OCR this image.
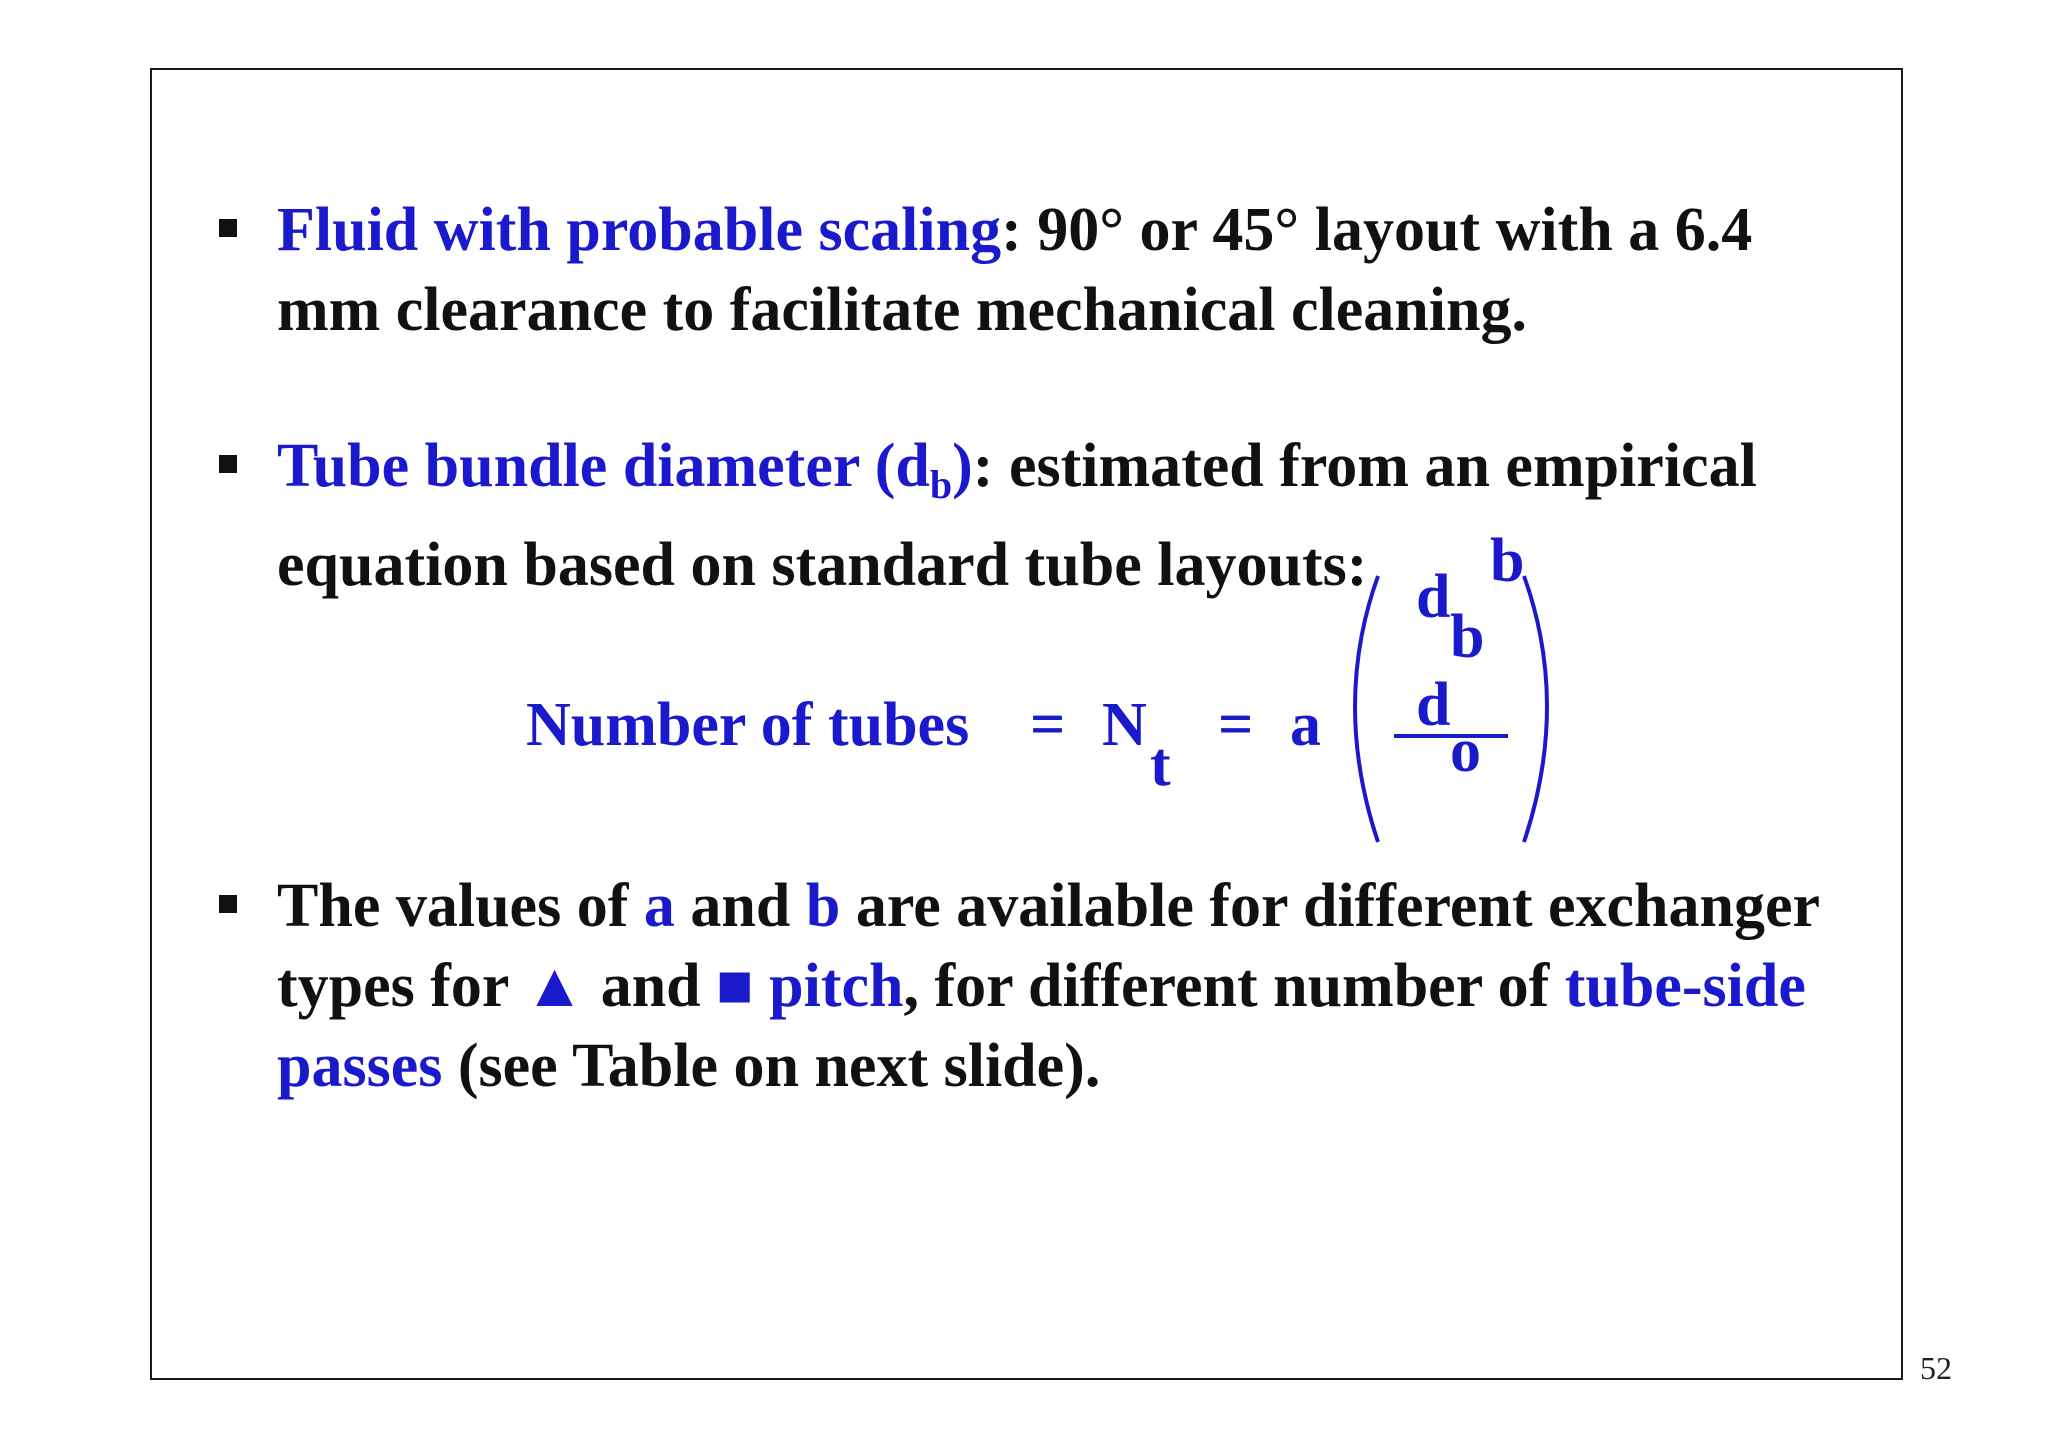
Fluid with probable scaling: 90° or 45° layout with a 6.4 mm clearance to facilitate mechanical cleaning.
Tube bundle diameter $(d_b)$: estimated from an empirical equation based on standard tube layouts:
Number of tubes = N
t
= a
d
b
d
o
b
The values of a and b are available for different exchanger types for ▲ and ■ pitch, for different number of tube-side passes (see Table on next slide).
52
